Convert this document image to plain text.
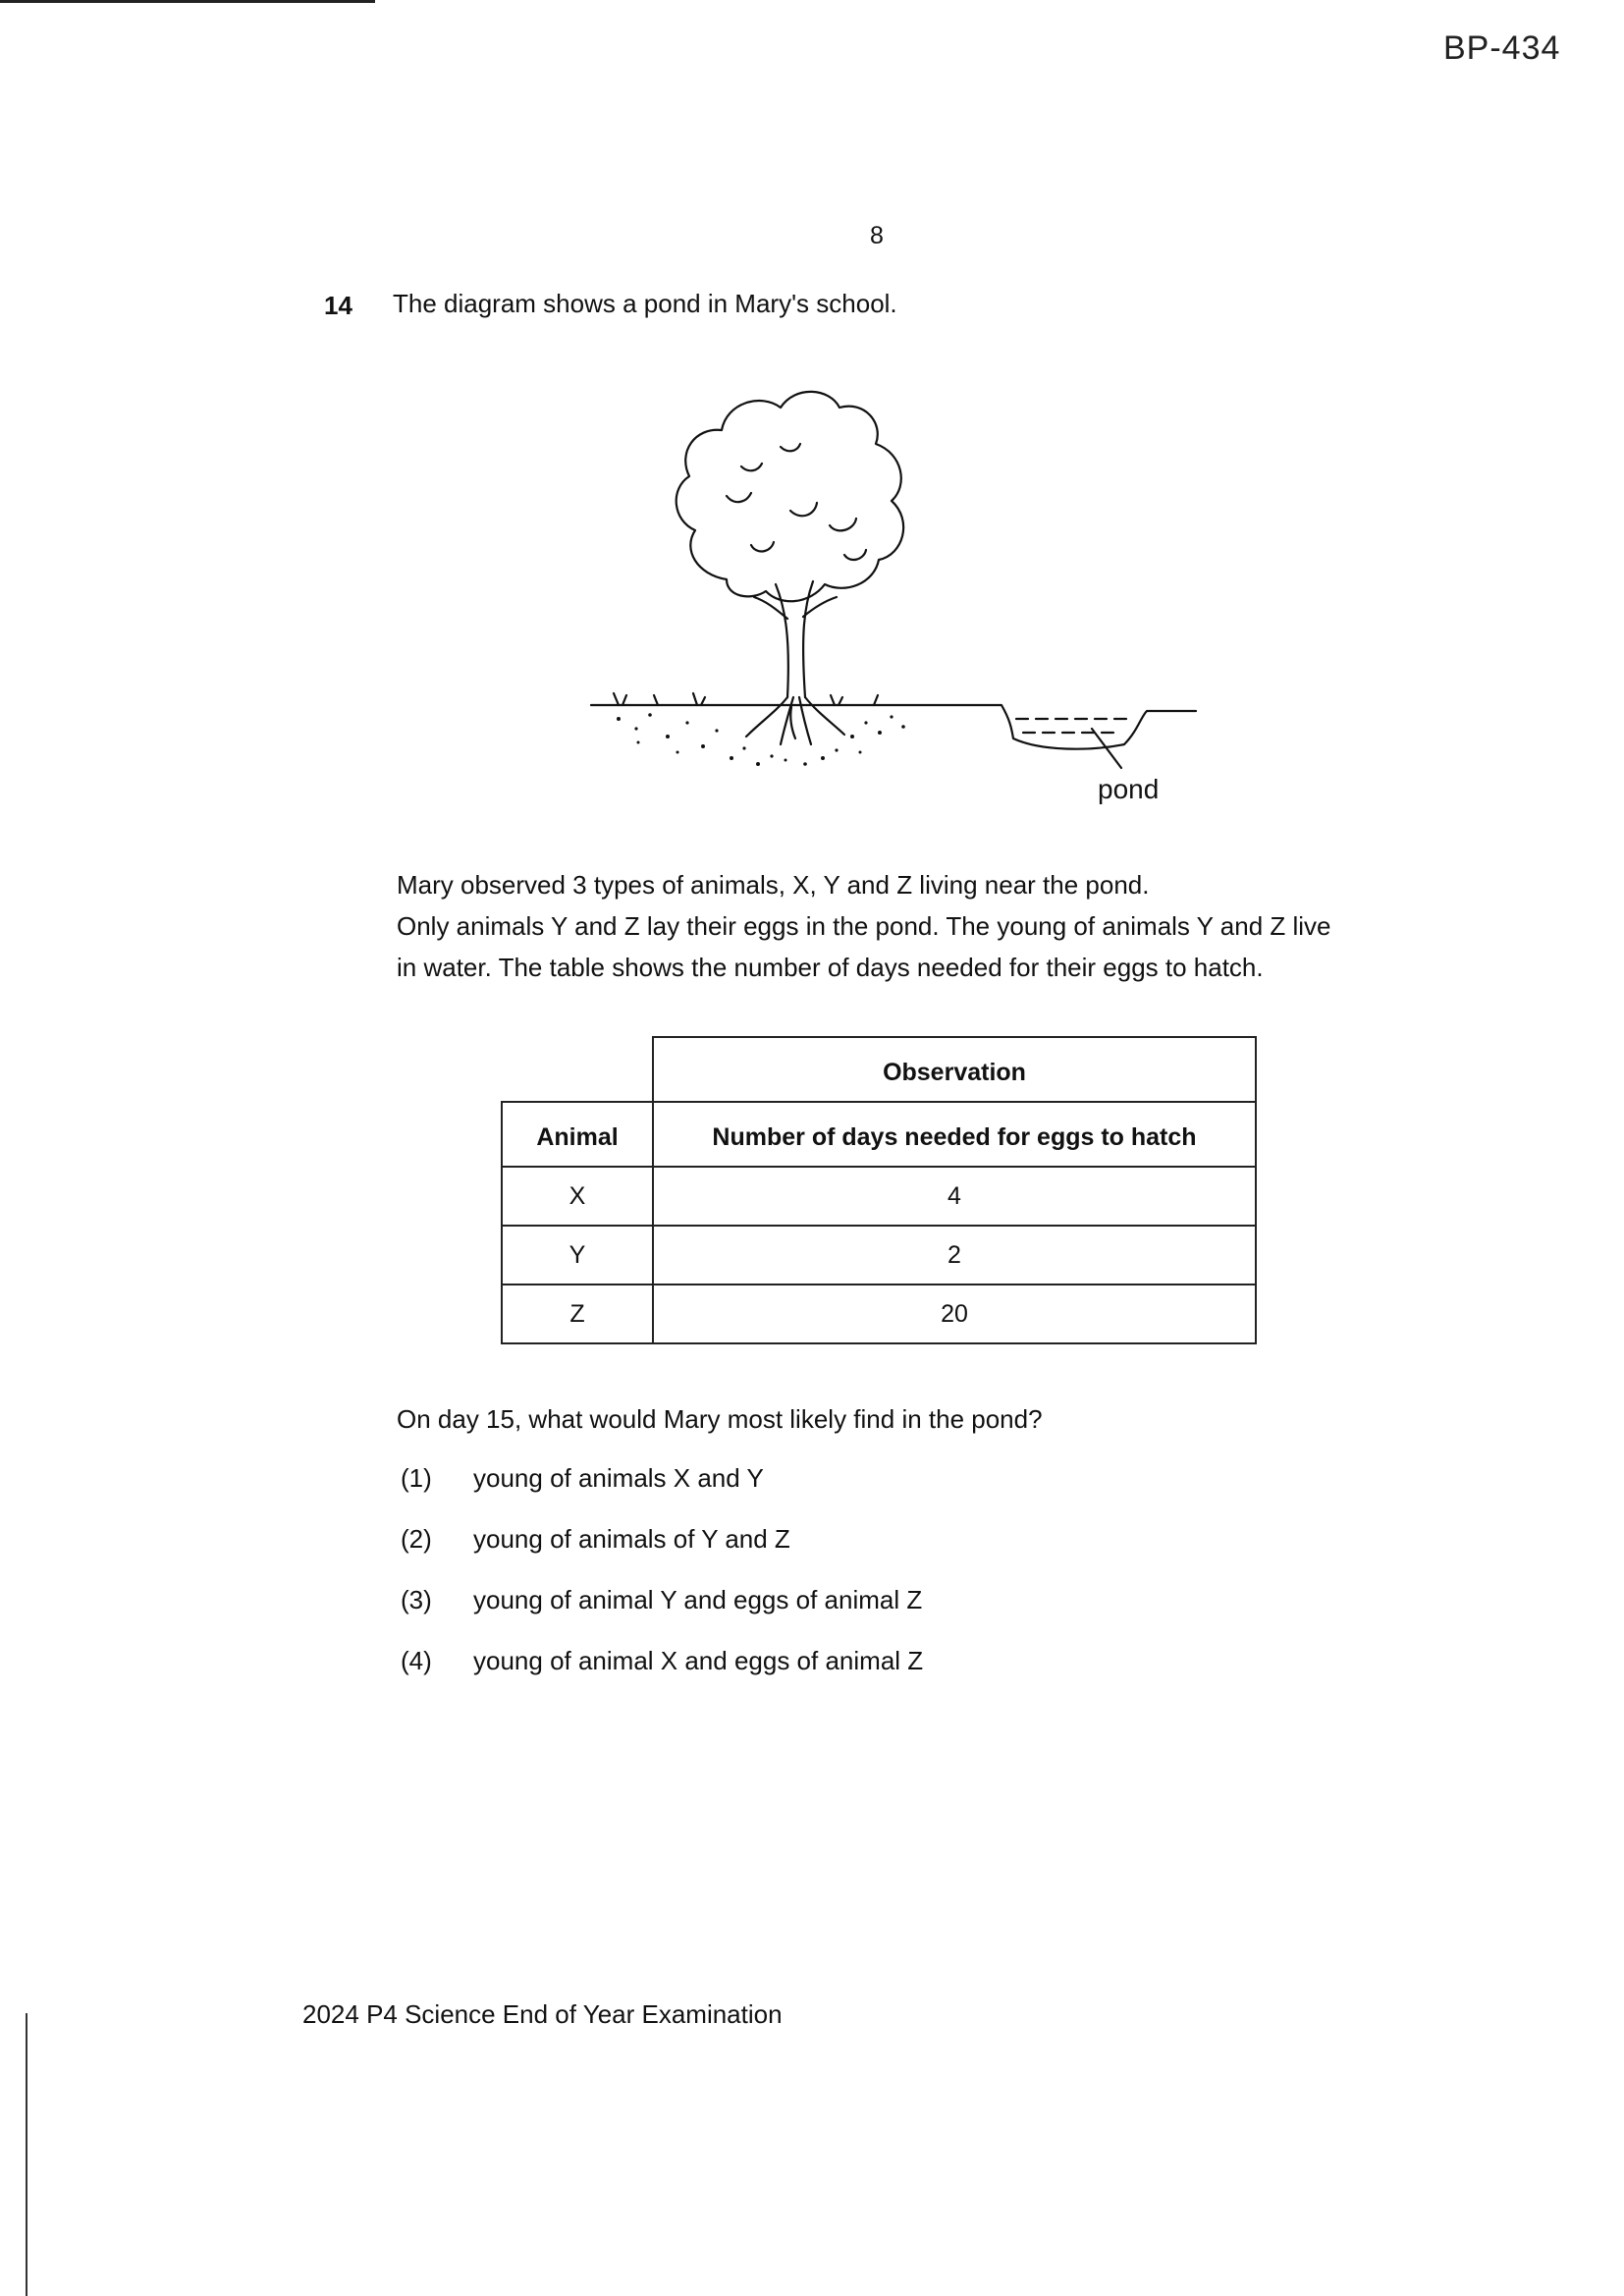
BP-434
8
14 The diagram shows a pond in Mary's school.
pond
Mary observed 3 types of animals, X, Y and Z living near the pond.
Only animals Y and Z lay their eggs in the pond. The young of animals Y and Z live
in water. The table shows the number of days needed for their eggs to hatch.
	Observation
Animal	Number of days needed for eggs to hatch
X	4
Y	2
Z	20
On day 15, what would Mary most likely find in the pond?
(1) young of animals X and Y
(2) young of animals of Y and Z
(3) young of animal Y and eggs of animal Z
(4) young of animal X and eggs of animal Z
2024 P4 Science End of Year Examination
